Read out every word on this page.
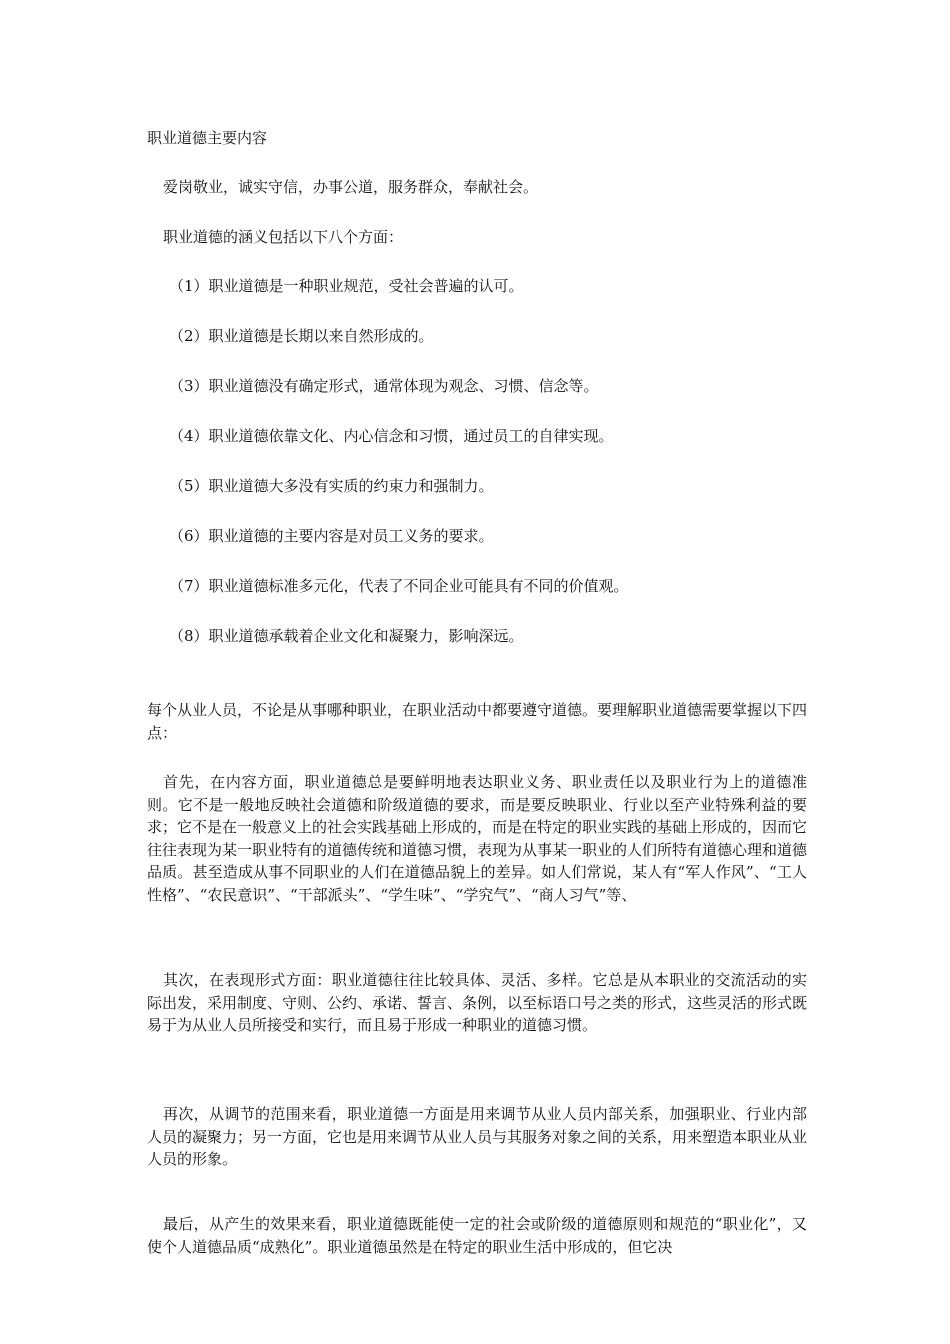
职业道德主要内容
爱岗敬业，诚实守信，办事公道，服务群众，奉献社会。
职业道德的涵义包括以下八个方面：
（1）职业道德是一种职业规范，受社会普遍的认可。
（2）职业道德是长期以来自然形成的。
（3）职业道德没有确定形式，通常体现为观念、习惯、信念等。
（4）职业道德依靠文化、内心信念和习惯，通过员工的自律实现。
（5）职业道德大多没有实质的约束力和强制力。
（6）职业道德的主要内容是对员工义务的要求。
（7）职业道德标准多元化，代表了不同企业可能具有不同的价值观。
（8）职业道德承载着企业文化和凝聚力，影响深远。
每个从业人员，不论是从事哪种职业，在职业活动中都要遵守道德。要理解职业道德需要掌握以下四点：
首先，在内容方面，职业道德总是要鲜明地表达职业义务、职业责任以及职业行为上的道德准则。它不是一般地反映社会道德和阶级道德的要求，而是要反映职业、行业以至产业特殊利益的要求；它不是在一般意义上的社会实践基础上形成的，而是在特定的职业实践的基础上形成的，因而它往往表现为某一职业特有的道德传统和道德习惯，表现为从事某一职业的人们所特有道德心理和道德品质。甚至造成从事不同职业的人们在道德品貌上的差异。如人们常说，某人有“军人作风”、“工人性格”、“农民意识”、“干部派头”、“学生味”、“学究气”、“商人习气”等、
其次，在表现形式方面：职业道德往往比较具体、灵活、多样。它总是从本职业的交流活动的实际出发，采用制度、守则、公约、承诺、誓言、条例，以至标语口号之类的形式，这些灵活的形式既易于为从业人员所接受和实行，而且易于形成一种职业的道德习惯。
再次，从调节的范围来看，职业道德一方面是用来调节从业人员内部关系，加强职业、行业内部人员的凝聚力；另一方面，它也是用来调节从业人员与其服务对象之间的关系，用来塑造本职业从业人员的形象。
最后，从产生的效果来看，职业道德既能使一定的社会或阶级的道德原则和规范的“职业化”，又使个人道德品质“成熟化”。职业道德虽然是在特定的职业生活中形成的，但它决
